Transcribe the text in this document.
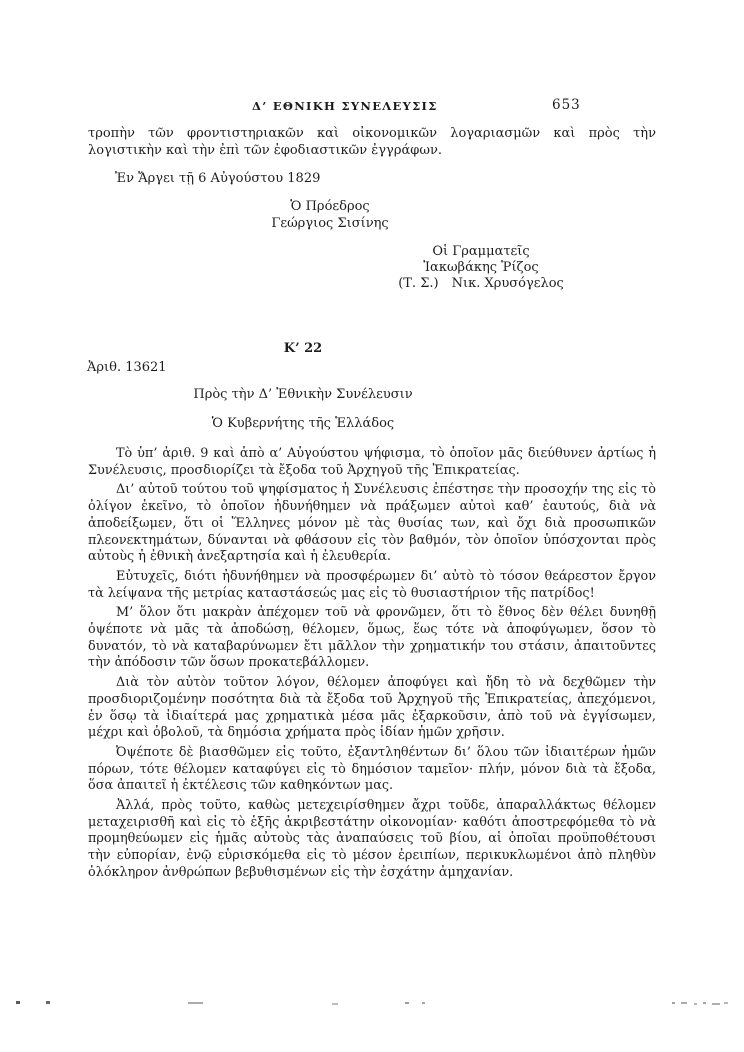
Δ’ ΕΘΝΙΚΗ ΣΥΝΕΛΕΥΣΙΣ	653

τροπὴν τῶν φροντιστηριακῶν καὶ οἰκονομικῶν λογαριασμῶν καὶ πρὸς τὴν λογιστικὴν καὶ τὴν ἐπὶ τῶν ἐφοδιαστικῶν ἐγγράφων.

Ἐν Ἄργει τῇ 6 Αὐγούστου 1829

Ὁ Πρόεδρος
Γεώργιος Σισίνης
Οἱ Γραμματεῖς
Ἰακωβάκης Ῥίζος
(Τ. Σ.) Νικ. Χρυσόγελος

Κ’ 22

Ἀριθ. 13621

Πρὸς τὴν Δ’ Ἐθνικὴν Συνέλευσιν

Ὁ Κυβερνήτης τῆς Ἑλλάδος

Τὸ ὑπ’ ἀριθ. 9 καὶ ἀπὸ α’ Αὐγούστου ψήφισμα, τὸ ὁποῖον μᾶς διεύθυνεν ἀρτίως ἡ Συνέλευσις, προσδιορίζει τὰ ἔξοδα τοῦ Ἀρχηγοῦ τῆς Ἐπικρατείας.

Δι’ αὐτοῦ τούτου τοῦ ψηφίσματος ἡ Συνέλευσις ἐπέστησε τὴν προσοχήν της εἰς τὸ ὀλίγον ἐκεῖνο, τὸ ὁποῖον ἠδυνήθημεν νὰ πράξωμεν αὐτοὶ καθ’ ἑαυτούς, διὰ νὰ ἀποδείξωμεν, ὅτι οἱ Ἕλληνες μόνον μὲ τὰς θυσίας των, καὶ ὄχι διὰ προσωπικῶν πλεονεκτημάτων, δύνανται νὰ φθάσουν εἰς τὸν βαθμόν, τὸν ὁποῖον ὑπόσχονται πρὸς αὐτοὺς ἡ ἐθνικὴ ἀνεξαρτησία καὶ ἡ ἐλευθερία.

Εὐτυχεῖς, διότι ἠδυνήθημεν νὰ προσφέρωμεν δι’ αὐτὸ τὸ τόσον θεάρεστον ἔργον τὰ λείψανα τῆς μετρίας καταστάσεώς μας εἰς τὸ θυσιαστήριον τῆς πατρίδος!

Μ’ ὅλον ὅτι μακρὰν ἀπέχομεν τοῦ νὰ φρονῶμεν, ὅτι τὸ ἔθνος δὲν θέλει δυνηθῇ ὀψέποτε νὰ μᾶς τὰ ἀποδώσῃ, θέλομεν, ὅμως, ἕως τότε νὰ ἀποφύγωμεν, ὅσον τὸ δυνατόν, τὸ νὰ καταβαρύνωμεν ἔτι μᾶλλον τὴν χρηματικήν του στάσιν, ἀπαιτοῦντες τὴν ἀπόδοσιν τῶν ὅσων προκατεβάλλομεν.

Διὰ τὸν αὐτὸν τοῦτον λόγον, θέλομεν ἀποφύγει καὶ ἤδη τὸ νὰ δεχθῶμεν τὴν προσδιοριζομένην ποσότητα διὰ τὰ ἔξοδα τοῦ Ἀρχηγοῦ τῆς Ἐπικρατείας, ἀπεχόμενοι, ἐν ὅσῳ τὰ ἰδιαίτερά μας χρηματικὰ μέσα μᾶς ἐξαρκοῦσιν, ἀπὸ τοῦ νὰ ἐγγίσωμεν, μέχρι καὶ ὀβολοῦ, τὰ δημόσια χρήματα πρὸς ἰδίαν ἡμῶν χρῆσιν.

Ὀψέποτε δὲ βιασθῶμεν εἰς τοῦτο, ἐξαντληθέντων δι’ ὅλου τῶν ἰδιαιτέρων ἡμῶν πόρων, τότε θέλομεν καταφύγει εἰς τὸ δημόσιον ταμεῖον· πλήν, μόνον διὰ τὰ ἔξοδα, ὅσα ἀπαιτεῖ ἡ ἐκτέλεσις τῶν καθηκόντων μας.

Ἀλλά, πρὸς τοῦτο, καθὼς μετεχειρίσθημεν ἄχρι τοῦδε, ἀπαραλλάκτως θέλομεν μεταχειρισθῆ καὶ εἰς τὸ ἑξῆς ἀκριβεστάτην οἰκονομίαν· καθότι ἀποστρεφόμεθα τὸ νὰ προμηθεύωμεν εἰς ἡμᾶς αὐτοὺς τὰς ἀναπαύσεις τοῦ βίου, αἱ ὁποῖαι προϋποθέτουσι τὴν εὐπορίαν, ἐνῷ εὑρισκόμεθα εἰς τὸ μέσον ἐρειπίων, περικυκλωμένοι ἀπὸ πληθὺν ὁλόκληρον ἀνθρώπων βεβυθισμένων εἰς τὴν ἐσχάτην ἀμηχανίαν.
